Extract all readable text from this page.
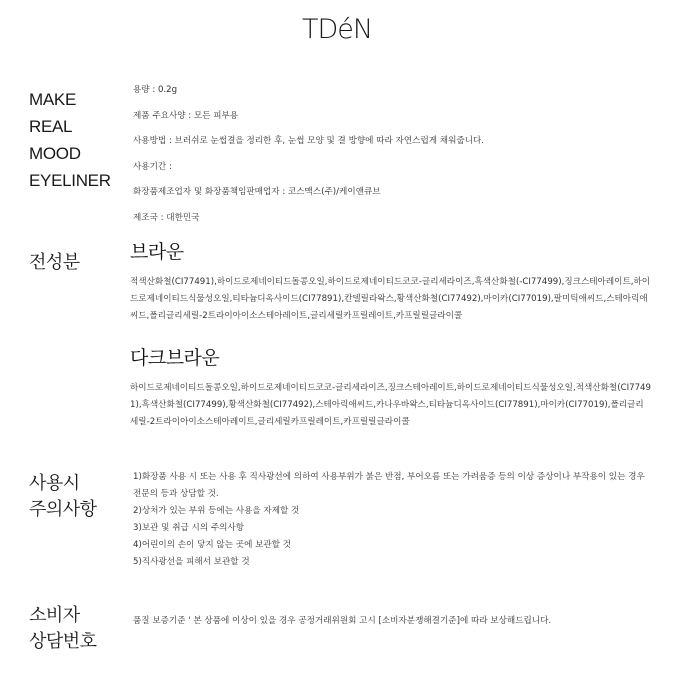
TDéN
MAKE
REAL
MOOD
EYELINER
용량 : 0.2g
제품 주요사양 : 모든 피부용
사용방법 : 브러쉬로 눈썹결을 정리한 후, 눈썹 모양 및 결 방향에 따라 자연스럽게 채워줍니다.
사용기간 :
화장품제조업자 및 화장품책임판매업자 : 코스맥스(주)/케이앤큐브
제조국 : 대한민국
전성분	브라운
적색산화철(CI77491),하이드로제네이티드돌콩오일,하이드로제네이티드코코-글리세라이즈,흑색산화철(-CI77499),징크스테아레이트,하이드로제네이티드식물성오일,티타늄디옥사이드(CI77891),칸델릴라왁스,황색산화철(CI77492),마이카(CI77019),팔미틱애씨드,스테아릭애씨드,폴리글리세릴-2트라이아이소스테아레이트,글리세릴카프릴레이트,카프릴릴글라이콜
다크브라운
하이드로제네이티드돌콩오일,하이드로제네이티드코코-글리세라이즈,징크스테아레이트,하이드로제네이티드식물성오일,적색산화철(CI77491),흑색산화철(CI77499),황색산화철(CI77492),스테아릭애씨드,카나우바왁스,티타늄디옥사이드(CI77891),마이카(CI77019),폴리글리세릴-2트라이아이소스테아레이트,글리세릴카프릴레이트,카프릴릴글라이콜
사용시
주의사항
1)화장품 사용 시 또는 사용 후 직사광선에 의하여 사용부위가 붉은 반점, 부어오름 또는 가려움증 등의 이상 증상이나 부작용이 있는 경우 전문의 등과 상담할 것.
2)상처가 있는 부위 등에는 사용을 자제할 것
3)보관 및 취급 시의 주의사항
4)어린이의 손이 닿지 않는 곳에 보관할 것
5)직사광선을 피해서 보관할 것
소비자
상담번호
품질 보증기준 ' 본 상품에 이상이 있을 경우 공정거래위원회 고시 [소비자분쟁해결기준]에 따라 보상해드립니다.
